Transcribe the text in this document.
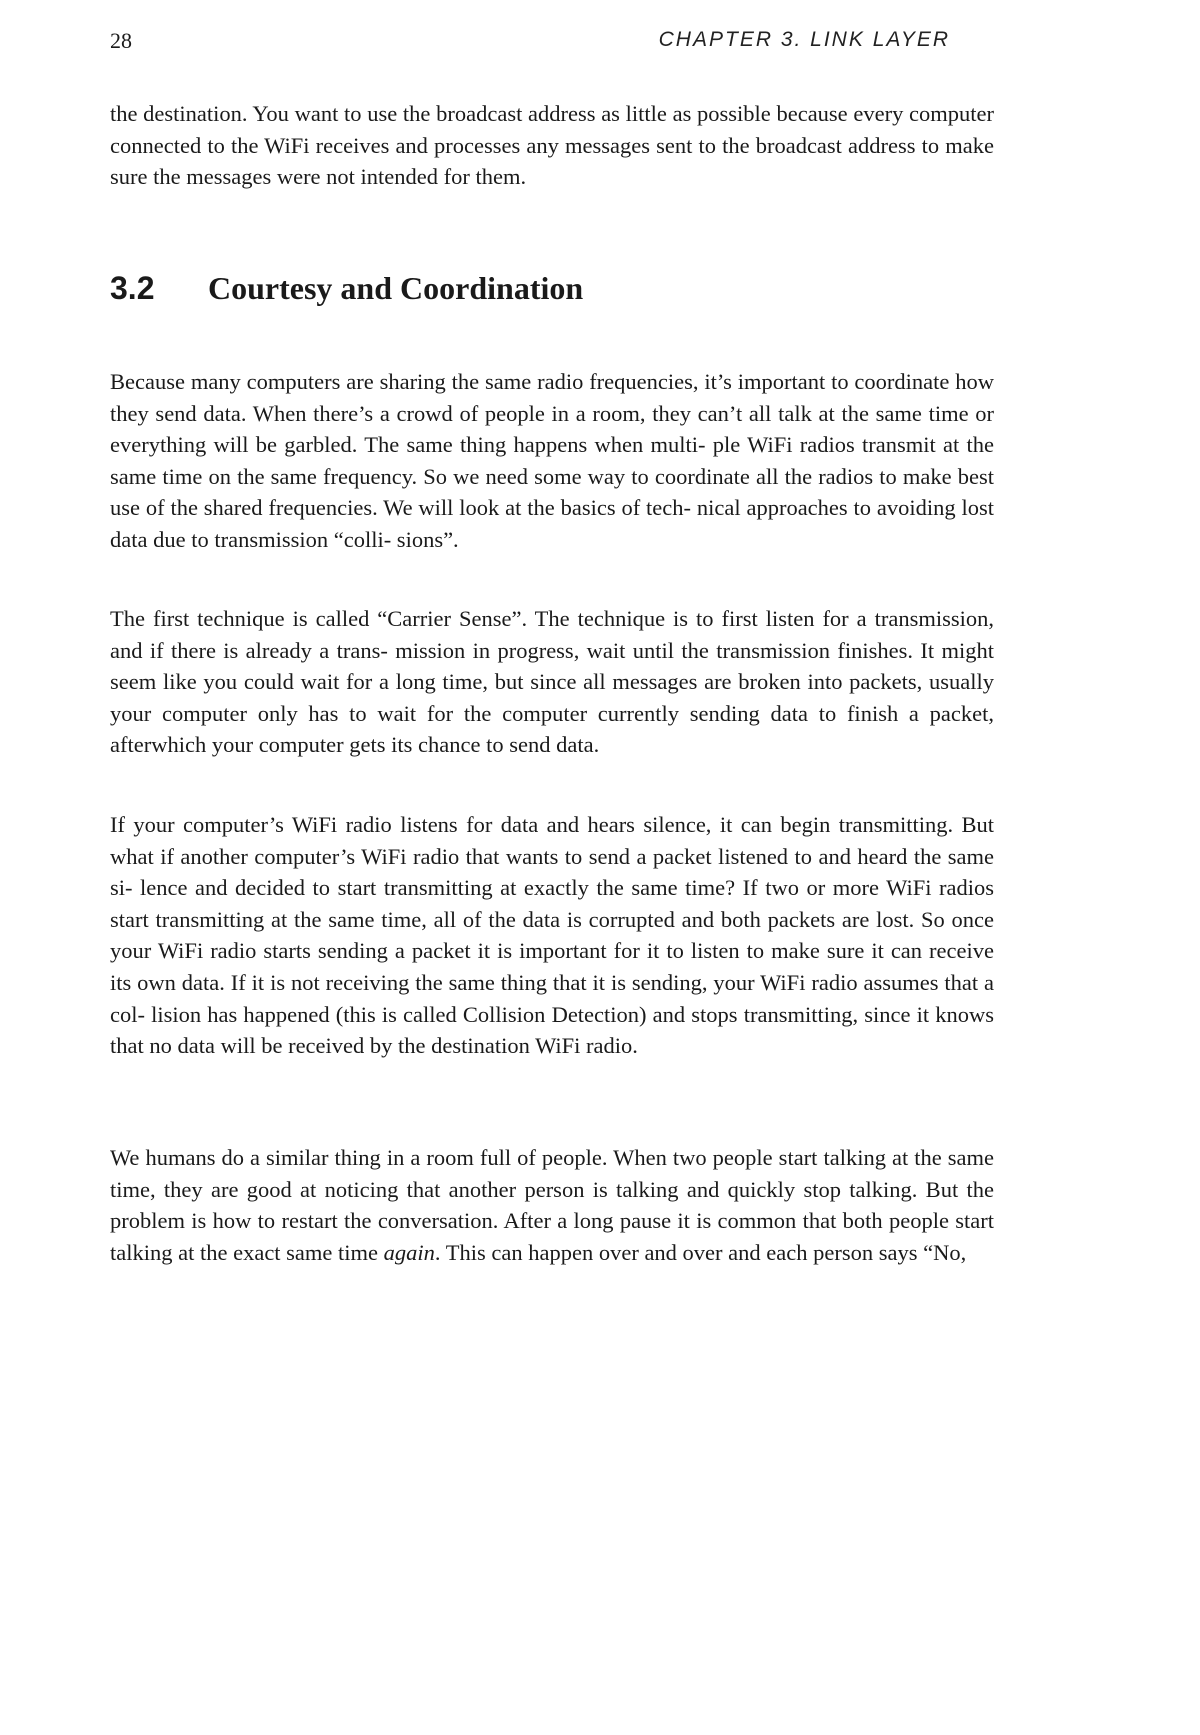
28	CHAPTER 3. LINK LAYER

the destination. You want to use the broadcast address as little as possible because every computer connected to the WiFi receives and processes any messages sent to the broadcast address to make sure the messages were not intended for them.

3.2 Courtesy and Coordination

Because many computers are sharing the same radio frequencies, it’s important to coordinate how they send data. When there’s a crowd of people in a room, they can’t all talk at the same time or everything will be garbled. The same thing happens when multi- ple WiFi radios transmit at the same time on the same frequency. So we need some way to coordinate all the radios to make best use of the shared frequencies. We will look at the basics of tech- nical approaches to avoiding lost data due to transmission “colli- sions”.

The first technique is called “Carrier Sense”. The technique is to first listen for a transmission, and if there is already a trans- mission in progress, wait until the transmission finishes. It might seem like you could wait for a long time, but since all messages are broken into packets, usually your computer only has to wait for the computer currently sending data to finish a packet, afterwhich your computer gets its chance to send data.

If your computer’s WiFi radio listens for data and hears silence, it can begin transmitting. But what if another computer’s WiFi radio that wants to send a packet listened to and heard the same si- lence and decided to start transmitting at exactly the same time? If two or more WiFi radios start transmitting at the same time, all of the data is corrupted and both packets are lost. So once your WiFi radio starts sending a packet it is important for it to listen to make sure it can receive its own data. If it is not receiving the same thing that it is sending, your WiFi radio assumes that a col- lision has happened (this is called Collision Detection) and stops transmitting, since it knows that no data will be received by the destination WiFi radio.

We humans do a similar thing in a room full of people. When two people start talking at the same time, they are good at noticing that another person is talking and quickly stop talking. But the problem is how to restart the conversation. After a long pause it is common that both people start talking at the exact same time again. This can happen over and over and each person says “No,
